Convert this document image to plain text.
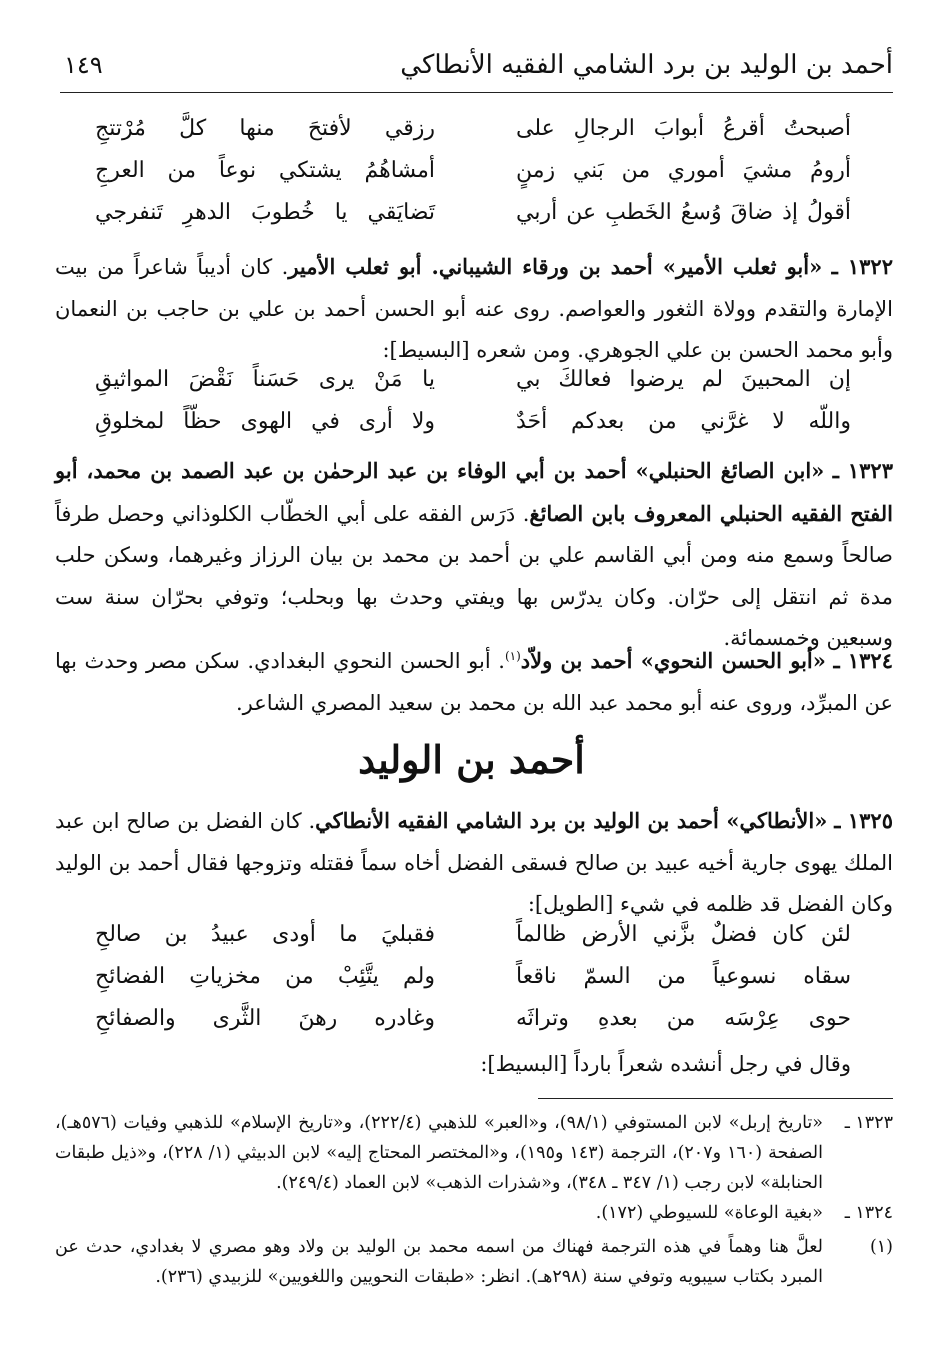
أحمد بن الوليد بن برد الشامي الفقيه الأنطاكي
١٤٩
أصبحتُ أقرعُ أبوابَ الرجالِ على
رزقي لأفتحَ منها كلَّ مُرْتتجِ
أرومُ مشيَ أموري من بَني زمنٍ
أمشاهُمُ يشتكي نوعاً من العرجِ
أقولُ إذ ضاقَ وُسعُ الخَطبِ عن أربي
تَضايَقي يا خُطوبَ الدهرِ تَنفرجي

١٣٢٢ ـ «أبو ثعلب الأمير» أحمد بن ورقاء الشيباني. أبو ثعلب الأمير. كان أديباً شاعراً من بيت الإمارة والتقدم وولاة الثغور والعواصم. روى عنه أبو الحسن أحمد بن علي بن حاجب بن النعمان وأبو محمد الحسن بن علي الجوهري. ومن شعره [البسيط]:

إن المحبينَ لم يرضوا فعالكَ بي
يا مَنْ يرى حَسَناً نَقْضَ المواثيقِ
واللّه لا غرَّني من بعدكم أحَدٌ
ولا أرى في الهوى حظّاً لمخلوقِ

١٣٢٣ ـ «ابن الصائغ الحنبلي» أحمد بن أبي الوفاء بن عبد الرحمٰن بن عبد الصمد بن محمد، أبو الفتح الفقيه الحنبلي المعروف بابن الصائغ. دَرَس الفقه على أبي الخطّاب الكلوذاني وحصل طرفاً صالحاً وسمع منه ومن أبي القاسم علي بن أحمد بن محمد بن بيان الرزاز وغيرهما، وسكن حلب مدة ثم انتقل إلى حرّان. وكان يدرّس بها ويفتي وحدث بها وبحلب؛ وتوفي بحرّان سنة ست وسبعين وخمسمائة.

١٣٢٤ ـ «أبو الحسن النحوي» أحمد بن ولاّد$^{(١)}$. أبو الحسن النحوي البغدادي. سكن مصر وحدث بها عن المبرِّد، وروى عنه أبو محمد عبد الله بن محمد بن سعيد المصري الشاعر.

أحمد بن الوليد

١٣٢٥ ـ «الأنطاكي» أحمد بن الوليد بن برد الشامي الفقيه الأنطاكي. كان الفضل بن صالح ابن عبد الملك يهوى جارية أخيه عبيد بن صالح فسقى الفضل أخاه سماً فقتله وتزوجها فقال أحمد بن الوليد وكان الفضل قد ظلمه في شيء [الطويل]:

لئن كان فضلٌ بزَّني الأرض ظالماً
فقبليَ ما أودى عبيدُ بن صالحِ
سقاه نسوعياً من السمّ ناقعاً
ولم يتَّئِبْ من مخزياتِ الفضائحِ
حوى عِرْسَه من بعدهِ وتراثَه
وغادره رهنَ الثَّرى والصفائحِ
وقال في رجل أنشده شعراً بارداً [البسيط]:
١٣٢٣ ـ
«تاريخ إربل» لابن المستوفي (٩٨/١)، و«العبر» للذهبي (٢٢٢/٤)، و«تاريخ الإسلام» للذهبي وفيات (٥٧٦هـ)، الصفحة (١٦٠ و٢٠٧)، الترجمة (١٤٣ و١٩٥)، و«المختصر المحتاج إليه» لابن الدبيثي (١/ ٢٢٨)، و«ذيل طبقات الحنابلة» لابن رجب (١/ ٣٤٧ ـ ٣٤٨)، و«شذرات الذهب» لابن العماد (٢٤٩/٤).
١٣٢٤ ـ
«بغية الوعاة» للسيوطي (١٧٢).
(١)
لعلَّ هنا وهماً في هذه الترجمة فهناك من اسمه محمد بن الوليد بن ولاد وهو مصري لا بغدادي، حدث عن المبرد بكتاب سيبويه وتوفي سنة (٢٩٨هـ). انظر: «طبقات النحويين واللغويين» للزبيدي (٢٣٦).
